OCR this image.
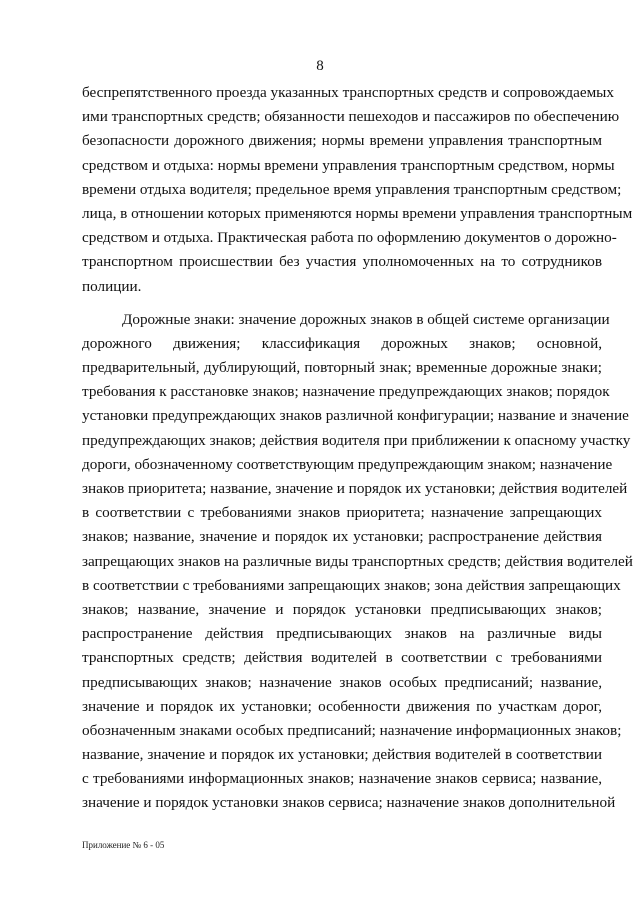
8
беспрепятственного проезда указанных транспортных средств и сопровождаемых
ими транспортных средств; обязанности пешеходов и пассажиров по обеспечению
безопасности дорожного движения; нормы времени управления транспортным
средством и отдыха: нормы времени управления транспортным средством, нормы
времени отдыха водителя; предельное время управления транспортным средством;
лица, в отношении которых применяются нормы времени управления транспортным
средством и отдыха. Практическая работа по оформлению документов о дорожно-
транспортном происшествии без участия уполномоченных на то сотрудников
полиции.
Дорожные знаки: значение дорожных знаков в общей системе организации
дорожного движения; классификация дорожных знаков; основной,
предварительный, дублирующий, повторный знак; временные дорожные знаки;
требования к расстановке знаков; назначение предупреждающих знаков; порядок
установки предупреждающих знаков различной конфигурации; название и значение
предупреждающих знаков; действия водителя при приближении к опасному участку
дороги, обозначенному соответствующим предупреждающим знаком; назначение
знаков приоритета; название, значение и порядок их установки; действия водителей
в соответствии с требованиями знаков приоритета; назначение запрещающих
знаков; название, значение и порядок их установки; распространение действия
запрещающих знаков на различные виды транспортных средств; действия водителей
в соответствии с требованиями запрещающих знаков; зона действия запрещающих
знаков; название, значение и порядок установки предписывающих знаков;
распространение действия предписывающих знаков на различные виды
транспортных средств; действия водителей в соответствии с требованиями
предписывающих знаков; назначение знаков особых предписаний; название,
значение и порядок их установки; особенности движения по участкам дорог,
обозначенным знаками особых предписаний; назначение информационных знаков;
название, значение и порядок их установки; действия водителей в соответствии
с требованиями информационных знаков; назначение знаков сервиса; название,
значение и порядок установки знаков сервиса; назначение знаков дополнительной
Приложение № 6 - 05
